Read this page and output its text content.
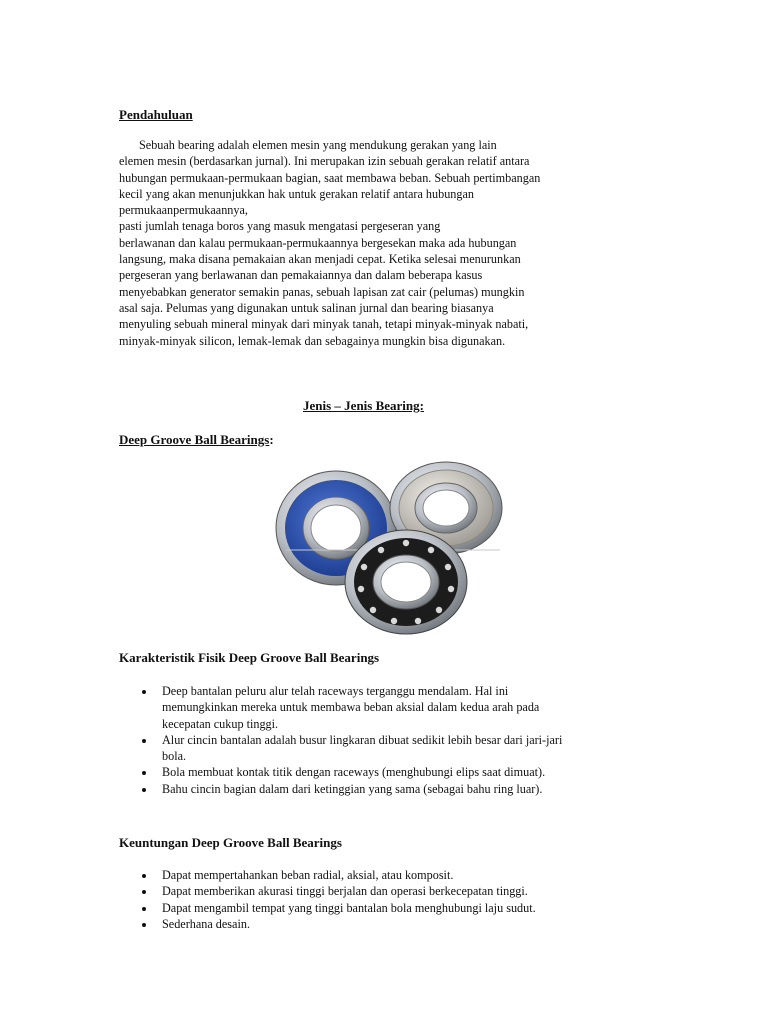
Pendahuluan
Sebuah bearing adalah elemen mesin yang mendukung gerakan yang lain
elemen mesin (berdasarkan jurnal). Ini merupakan izin sebuah gerakan relatif antara
hubungan permukaan-permukaan bagian, saat membawa beban. Sebuah pertimbangan
kecil yang akan menunjukkan hak untuk gerakan relatif antara hubungan
permukaanpermukaannya,
pasti jumlah tenaga boros yang masuk mengatasi pergeseran yang
berlawanan dan kalau permukaan-permukaannya bergesekan maka ada hubungan
langsung, maka disana pemakaian akan menjadi cepat. Ketika selesai menurunkan
pergeseran yang berlawanan dan pemakaiannya dan dalam beberapa kasus
menyebabkan generator semakin panas, sebuah lapisan zat cair (pelumas) mungkin
asal saja. Pelumas yang digunakan untuk salinan jurnal dan bearing biasanya
menyuling sebuah mineral minyak dari minyak tanah, tetapi minyak-minyak nabati,
minyak-minyak silicon, lemak-lemak dan sebagainya mungkin bisa digunakan.
Jenis – Jenis Bearing:
Deep Groove Ball Bearings:
Karakteristik Fisik Deep Groove Ball Bearings
Deep bantalan peluru alur telah raceways terganggu mendalam. Hal ini
memungkinkan mereka untuk membawa beban aksial dalam kedua arah pada
kecepatan cukup tinggi.
Alur cincin bantalan adalah busur lingkaran dibuat sedikit lebih besar dari jari-jari
bola.
Bola membuat kontak titik dengan raceways (menghubungi elips saat dimuat).
Bahu cincin bagian dalam dari ketinggian yang sama (sebagai bahu ring luar).
Keuntungan Deep Groove Ball Bearings
Dapat mempertahankan beban radial, aksial, atau komposit.
Dapat memberikan akurasi tinggi berjalan dan operasi berkecepatan tinggi.
Dapat mengambil tempat yang tinggi bantalan bola menghubungi laju sudut.
Sederhana desain.
